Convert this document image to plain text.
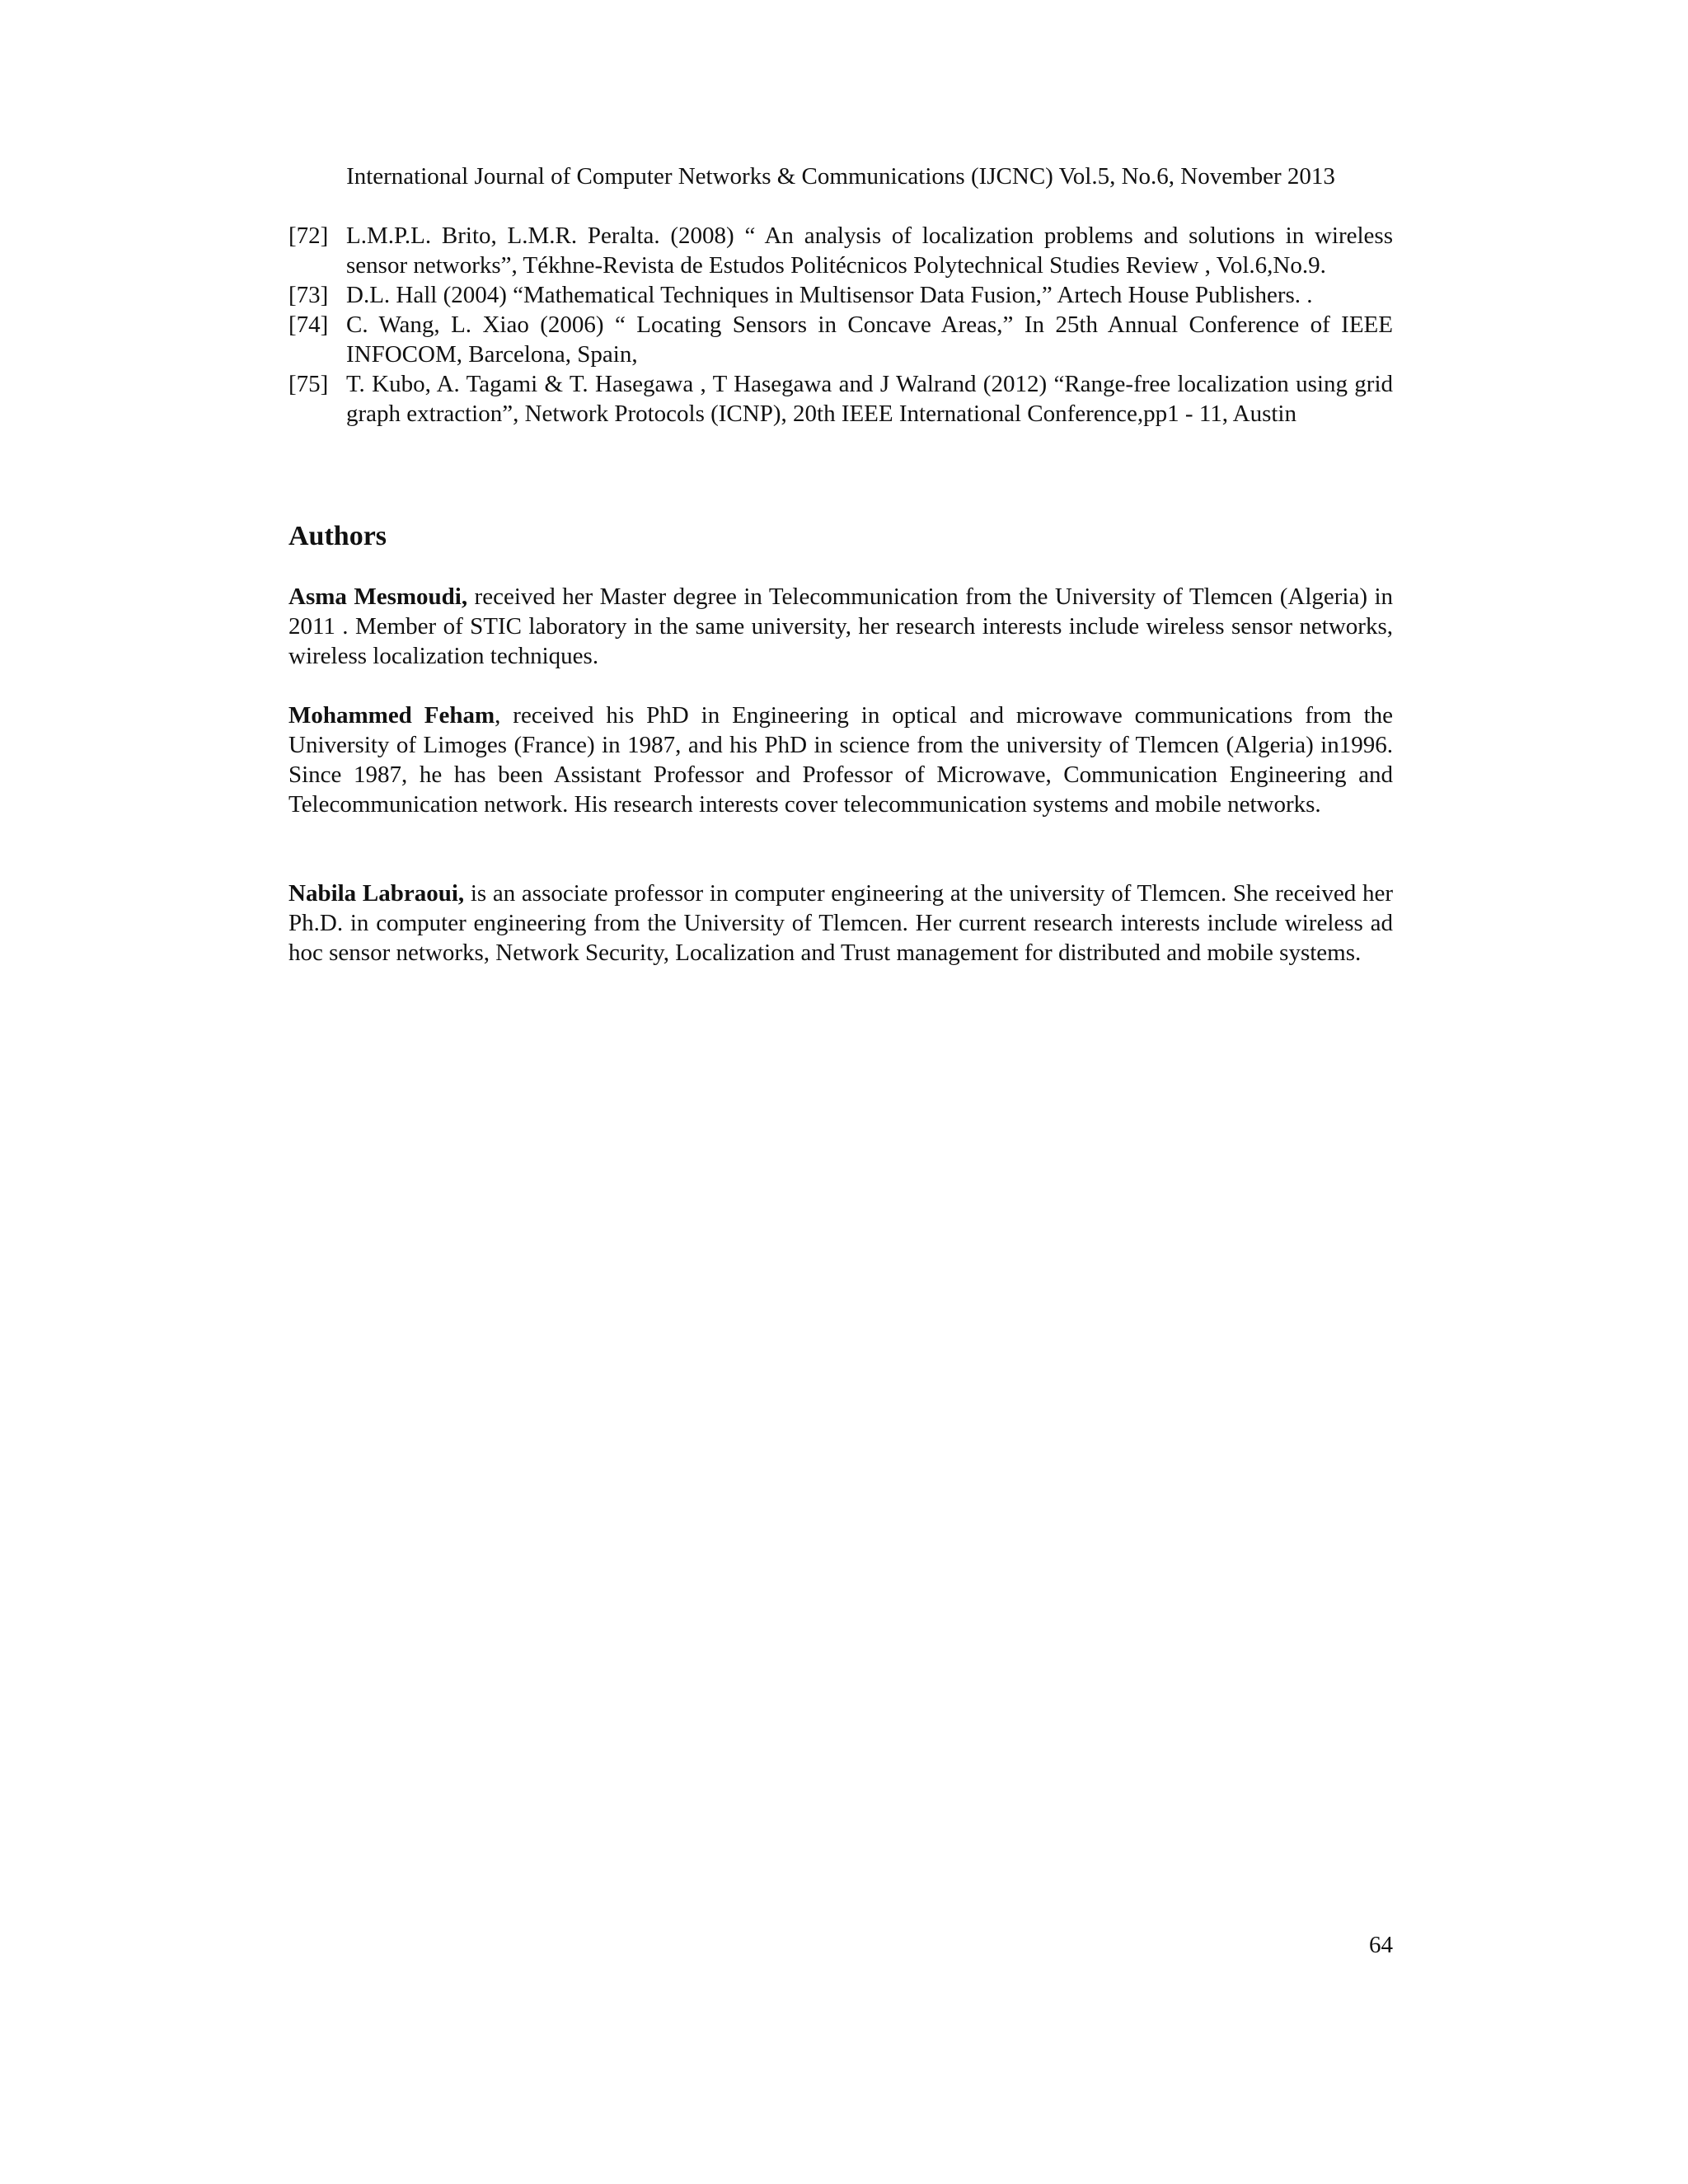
International Journal of Computer Networks & Communications (IJCNC) Vol.5, No.6, November 2013
[72] L.M.P.L. Brito, L.M.R. Peralta. (2008) “ An analysis of localization problems and solutions in wireless sensor networks”, Tékhne-Revista de Estudos Politécnicos Polytechnical Studies Review , Vol.6,No.9.
[73] D.L. Hall (2004) “Mathematical Techniques in Multisensor Data Fusion,” Artech House Publishers. .
[74] C. Wang, L. Xiao (2006) “ Locating Sensors in Concave Areas,” In 25th Annual Conference of IEEE INFOCOM, Barcelona, Spain,
[75] T. Kubo, A. Tagami & T. Hasegawa , T Hasegawa and J Walrand (2012) “Range-free localization using grid graph extraction”, Network Protocols (ICNP), 20th IEEE International Conference,pp1 - 11, Austin
Authors

Asma Mesmoudi, received her Master degree in Telecommunication from the University of Tlemcen (Algeria) in 2011 . Member of STIC laboratory in the same university, her research interests include wireless sensor networks, wireless localization techniques.

Mohammed Feham, received his PhD in Engineering in optical and microwave communications from the University of Limoges (France) in 1987, and his PhD in science from the university of Tlemcen (Algeria) in1996. Since 1987, he has been Assistant Professor and Professor of Microwave, Communication Engineering and Telecommunication network. His research interests cover telecommunication systems and mobile networks.

Nabila Labraoui, is an associate professor in computer engineering at the university of Tlemcen. She received her Ph.D. in computer engineering from the University of Tlemcen. Her current research interests include wireless ad hoc sensor networks, Network Security, Localization and Trust management for distributed and mobile systems.

64
